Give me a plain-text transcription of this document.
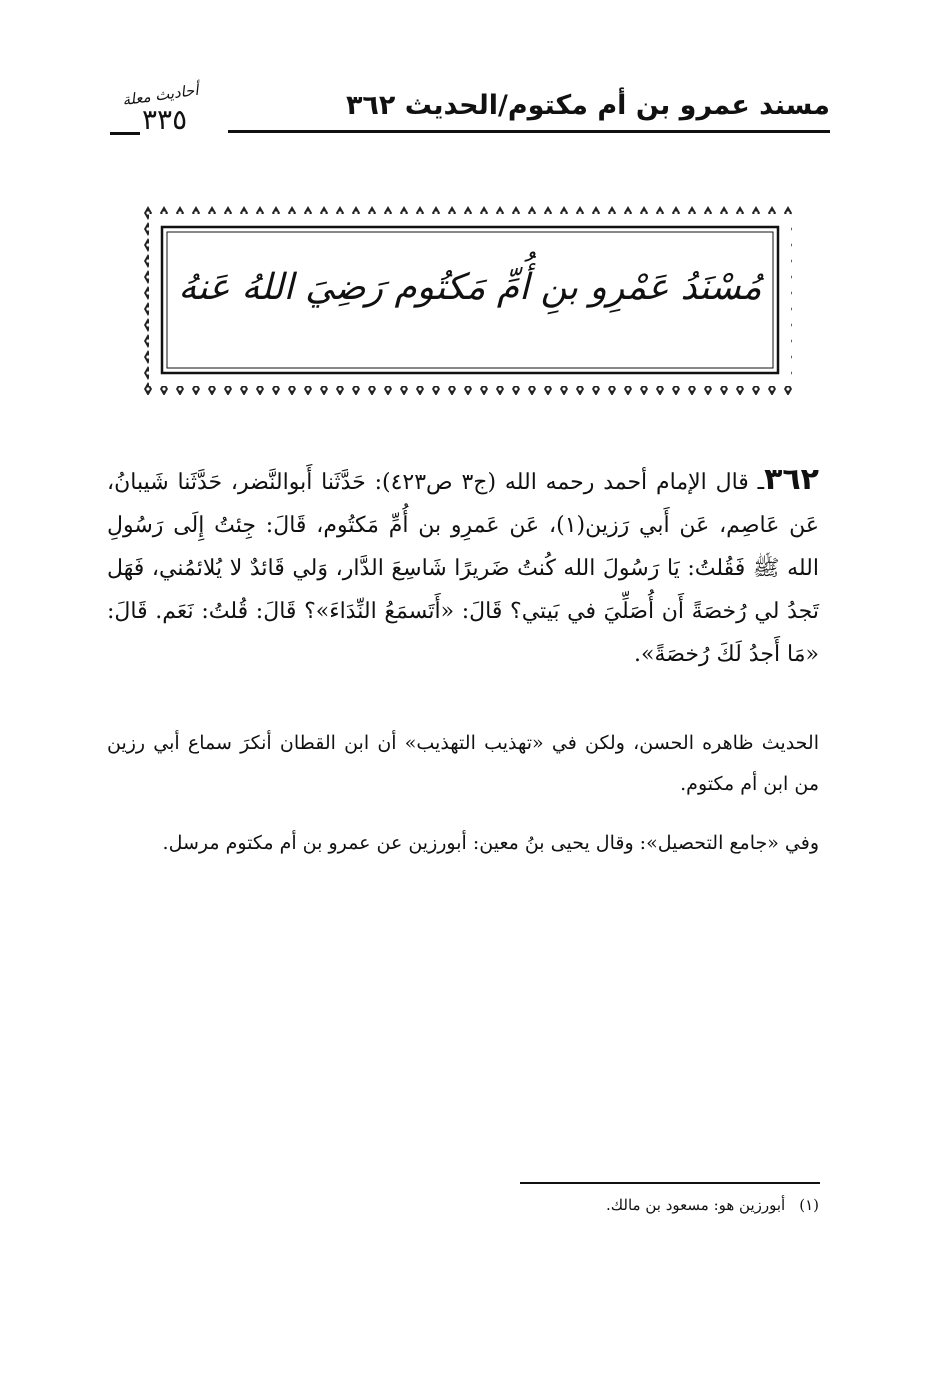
مسند عمرو بن أم مكتوم/الحديث ٣٦٢
أحاديث معلة
٣٣٥
مُسْنَدُ عَمْرِو بنِ أُمِّ مَكتُوم رَضِيَ اللهُ عَنهُ
٣٦٢ـ قال الإمام أحمد رحمه الله (ج٣ ص٤٢٣): حَدَّثَنا أَبوالنَّضر، حَدَّثَنا شَيبانُ، عَن عَاصِم، عَن أَبي رَزين(١)، عَن عَمرِو بن أُمِّ مَكتُوم، قَالَ: جِئتُ إِلَى رَسُولِ الله ﷺ فَقُلتُ: يَا رَسُولَ الله كُنتُ ضَريرًا شَاسِعَ الدَّار، وَلي قَائدٌ لا يُلائمُني، فَهَل تَجدُ لي رُخصَةً أَن أُصَلِّيَ في بَيتي؟ قَالَ: «أَتَسمَعُ النِّدَاءَ»؟ قَالَ: قُلتُ: نَعَم. قَالَ: «مَا أَجدُ لَكَ رُخصَةً».
الحديث ظاهره الحسن، ولكن في «تهذيب التهذيب» أن ابن القطان أنكرَ سماع أبي رزين من ابن أم مكتوم.
وفي «جامع التحصيل»: وقال يحيى بنُ معين: أبورزين عن عمرو بن أم مكتوم مرسل.
(١)أبورزين هو: مسعود بن مالك.
